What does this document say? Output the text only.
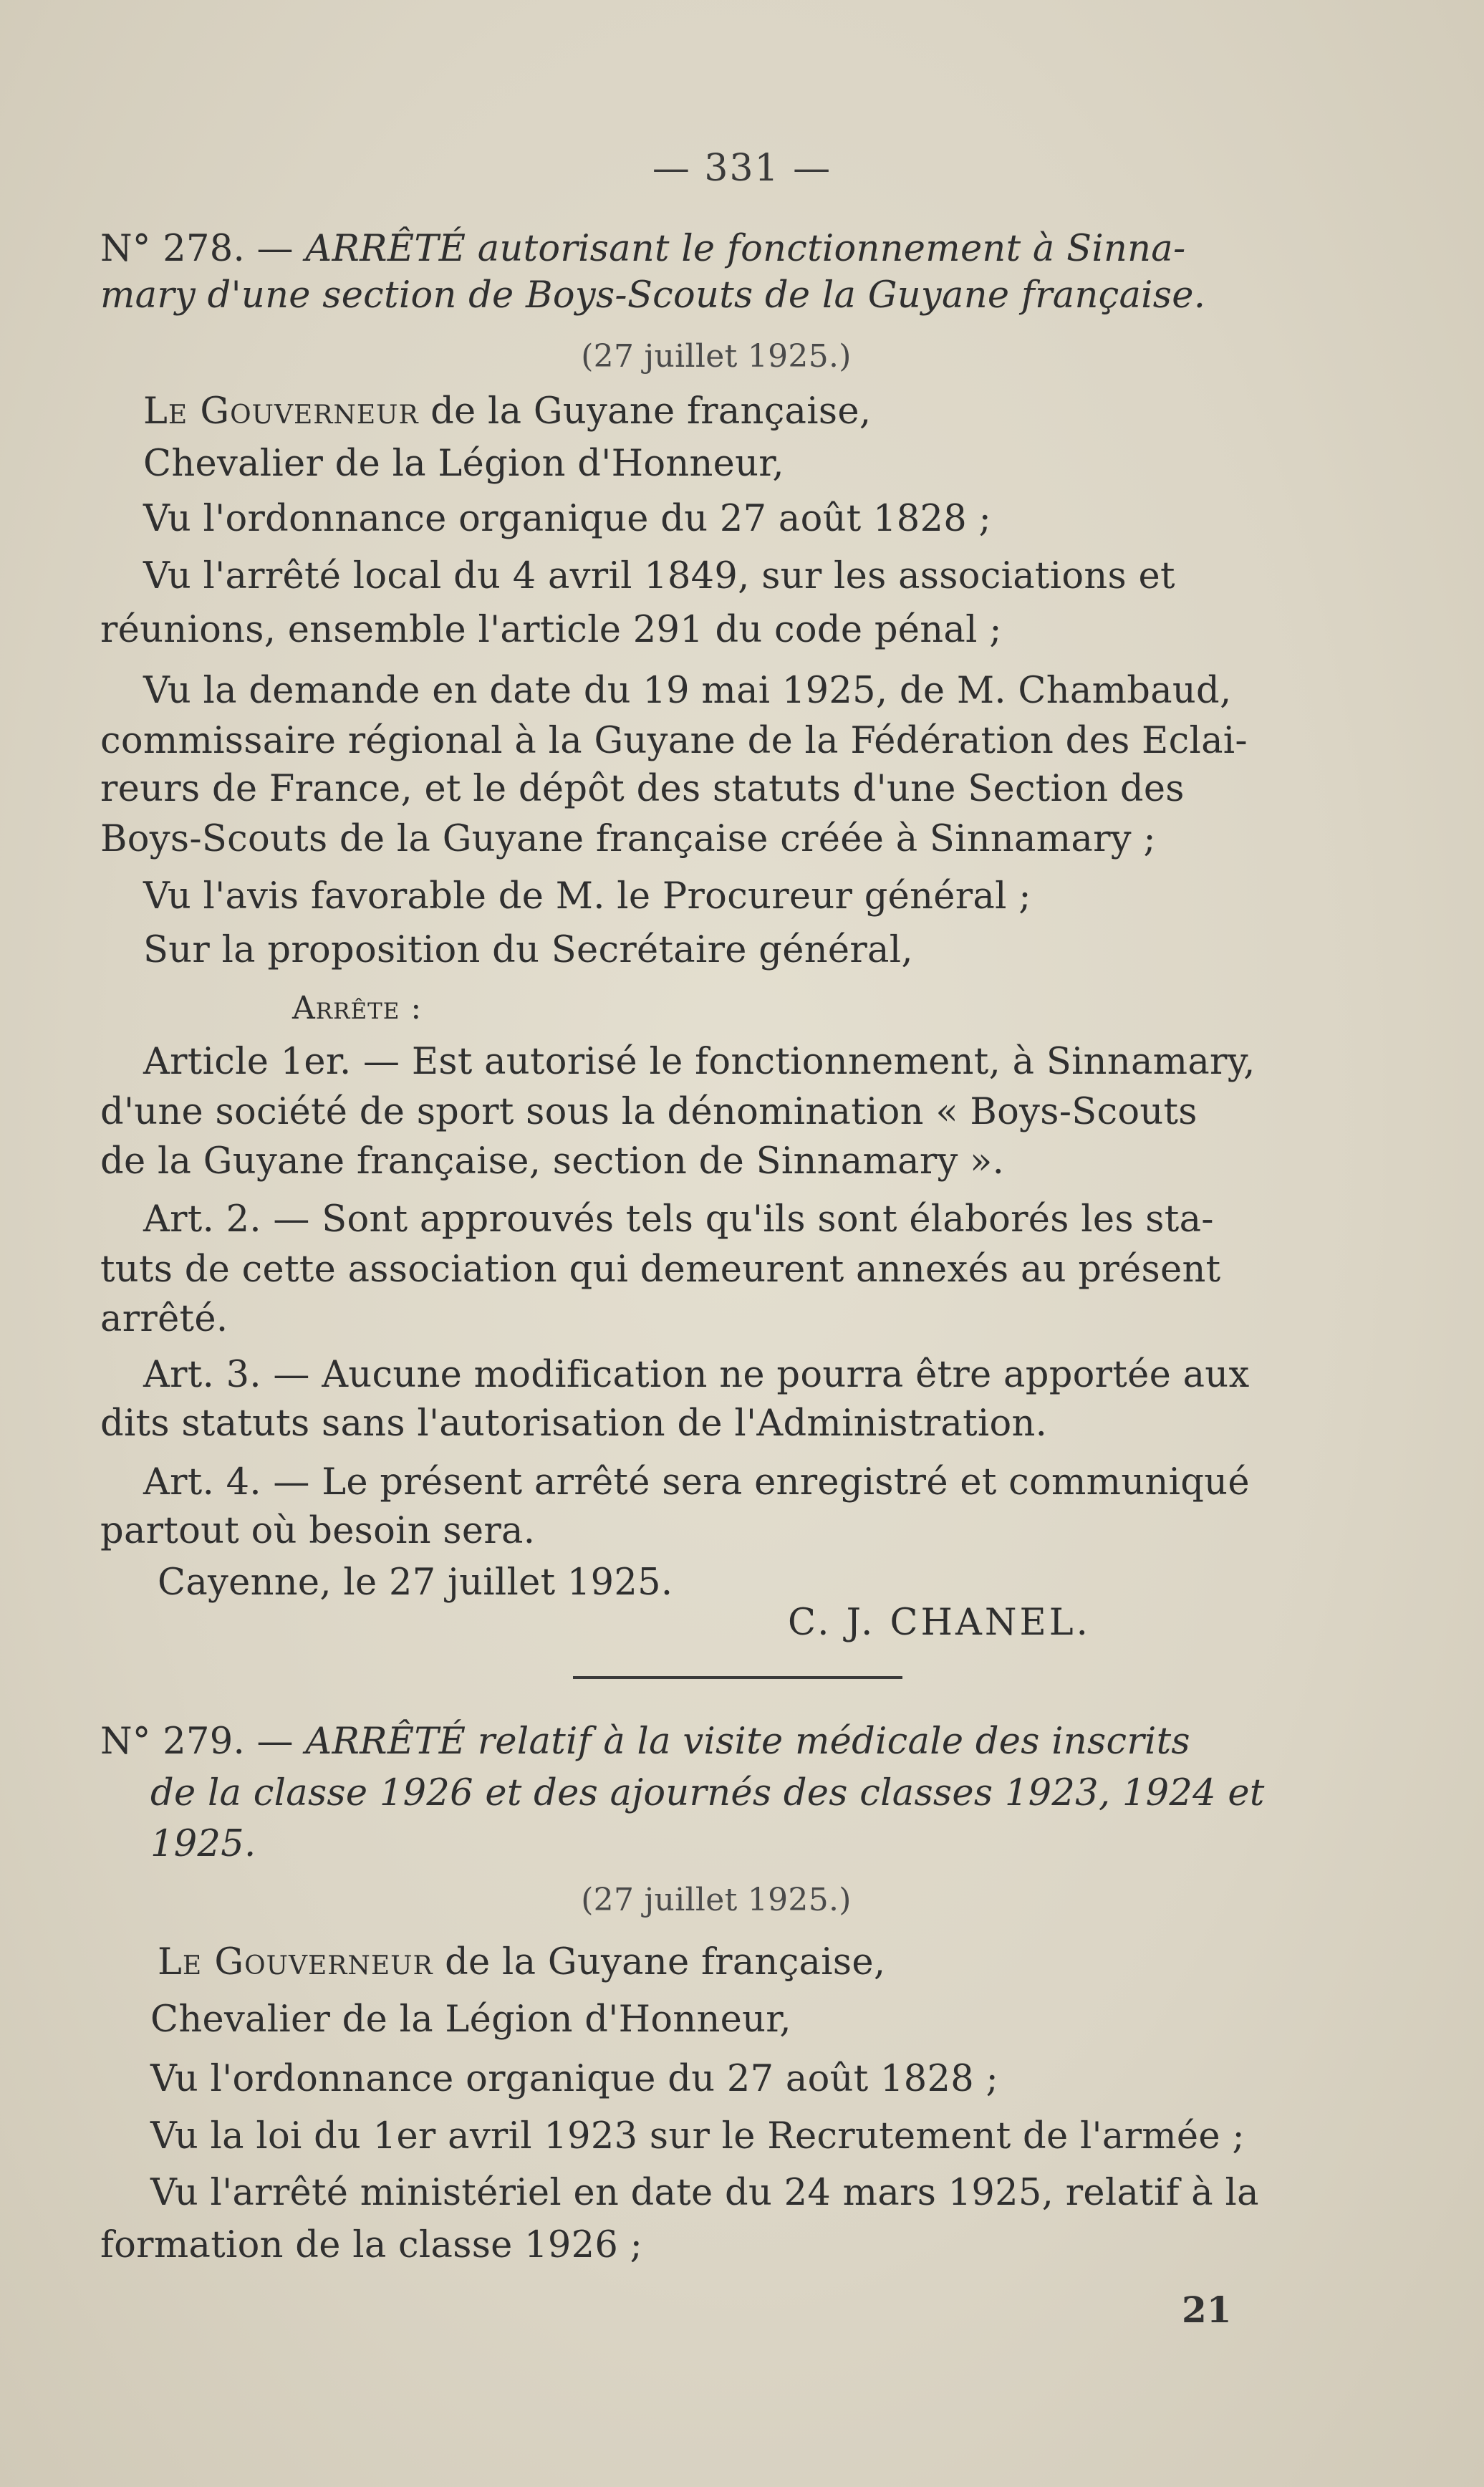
— 331 —
N° 278. — ARRÊTÉ autorisant le fonctionnement à Sinna-
mary d'une section de Boys-Scouts de la Guyane française.
(27 juillet 1925.)
Le Gouverneur de la Guyane française,
Chevalier de la Légion d'Honneur,
Vu l'ordonnance organique du 27 août 1828 ;
Vu l'arrêté local du 4 avril 1849, sur les associations et
réunions, ensemble l'article 291 du code pénal ;
Vu la demande en date du 19 mai 1925, de M. Chambaud,
commissaire régional à la Guyane de la Fédération des Eclai-
reurs de France, et le dépôt des statuts d'une Section des
Boys-Scouts de la Guyane française créée à Sinnamary ;
Vu l'avis favorable de M. le Procureur général ;
Sur la proposition du Secrétaire général,
Arrête :
Article 1er. — Est autorisé le fonctionnement, à Sinnamary,
d'une société de sport sous la dénomination « Boys-Scouts
de la Guyane française, section de Sinnamary ».
Art. 2. — Sont approuvés tels qu'ils sont élaborés les sta-
tuts de cette association qui demeurent annexés au présent
arrêté.
Art. 3. — Aucune modification ne pourra être apportée aux
dits statuts sans l'autorisation de l'Administration.
Art. 4. — Le présent arrêté sera enregistré et communiqué
partout où besoin sera.
Cayenne, le 27 juillet 1925.
C. J. CHANEL.
N° 279. — ARRÊTÉ relatif à la visite médicale des inscrits
de la classe 1926 et des ajournés des classes 1923, 1924 et
1925.
(27 juillet 1925.)
Le Gouverneur de la Guyane française,
Chevalier de la Légion d'Honneur,
Vu l'ordonnance organique du 27 août 1828 ;
Vu la loi du 1er avril 1923 sur le Recrutement de l'armée ;
Vu l'arrêté ministériel en date du 24 mars 1925, relatif à la
formation de la classe 1926 ;
21
